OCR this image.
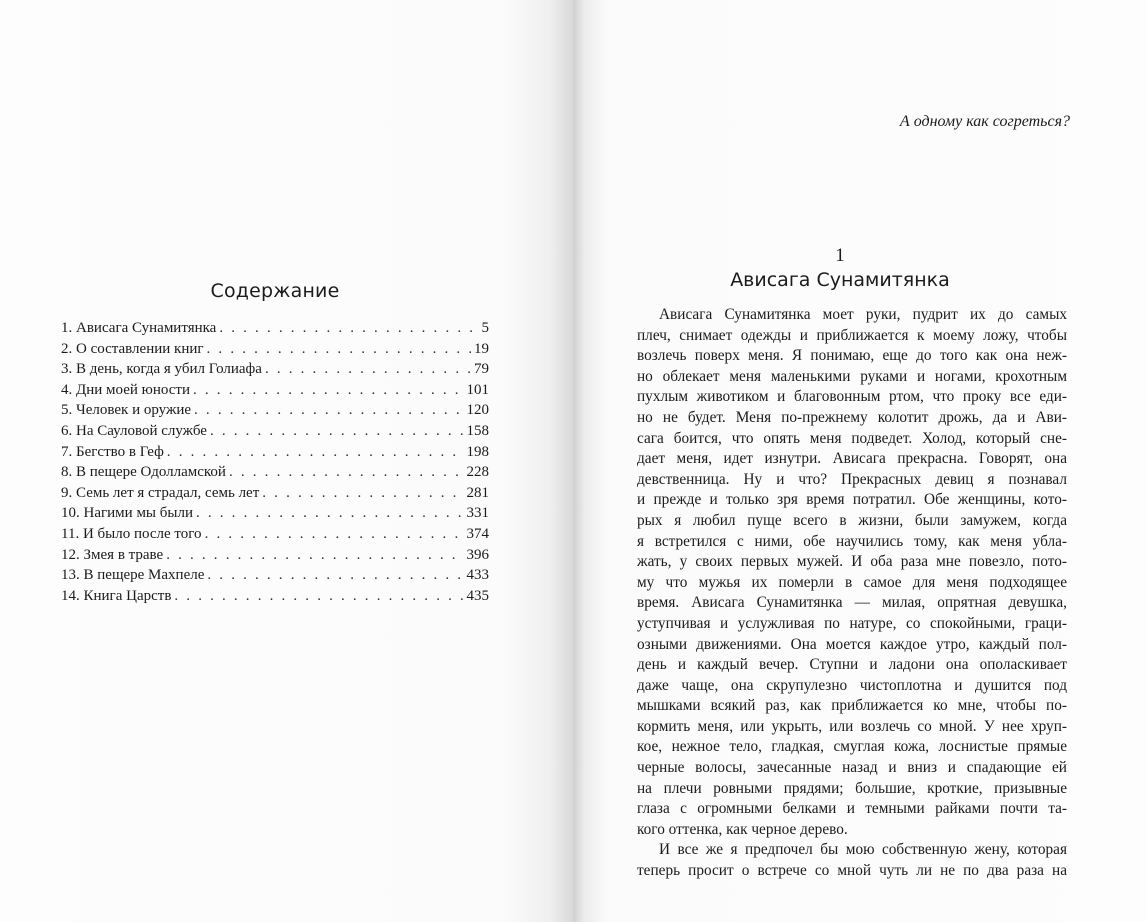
Содержание
1. Ависага Сунамитянка . . .	5
2. О составлении книг . . .	19
3. В день, когда я убил Голиафа . . .	79
4. Дни моей юности . . .	101
5. Человек и оружие . . .	120
6. На Сауловой службе . . .	158
7. Бегство в Геф . . .	198
8. В пещере Одолламской . . .	228
9. Семь лет я страдал, семь лет . . .	281
10. Нагими мы были . . .	331
11. И было после того . . .	374
12. Змея в траве . . .	396
13. В пещере Махпеле . . .	433
14. Книга Царств . . .	435
А одному как согреться?
1
Ависага Сунамитянка

Ависага Сунамитянка моет руки, пудрит их до самых
плеч, снимает одежды и приближается к моему ложу, чтобы
возлечь поверх меня. Я понимаю, еще до того как она неж-
но облекает меня маленькими руками и ногами, крохотным
пухлым животиком и благовонным ртом, что проку все еди-
но не будет. Меня по-прежнему колотит дрожь, да и Ави-
сага боится, что опять меня подведет. Холод, который сне-
дает меня, идет изнутри. Ависага прекрасна. Говорят, она
девственница. Ну и что? Прекрасных девиц я познавал
и прежде и только зря время потратил. Обе женщины, кото-
рых я любил пуще всего в жизни, были замужем, когда
я встретился с ними, обе научились тому, как меня убла-
жать, у своих первых мужей. И оба раза мне повезло, пото-
му что мужья их померли в самое для меня подходящее
время. Ависага Сунамитянка — милая, опрятная девушка,
уступчивая и услужливая по натуре, со спокойными, граци-
озными движениями. Она моется каждое утро, каждый пол-
день и каждый вечер. Ступни и ладони она ополаскивает
даже чаще, она скрупулезно чистоплотна и душится под
мышками всякий раз, как приближается ко мне, чтобы по-
кормить меня, или укрыть, или возлечь со мной. У нее хруп-
кое, нежное тело, гладкая, смуглая кожа, лоснистые прямые
черные волосы, зачесанные назад и вниз и спадающие ей
на плечи ровными прядями; большие, кроткие, призывные
глаза с огромными белками и темными райками почти та-
кого оттенка, как черное дерево.

И все же я предпочел бы мою собственную жену, которая
теперь просит о встрече со мной чуть ли не по два раза на
